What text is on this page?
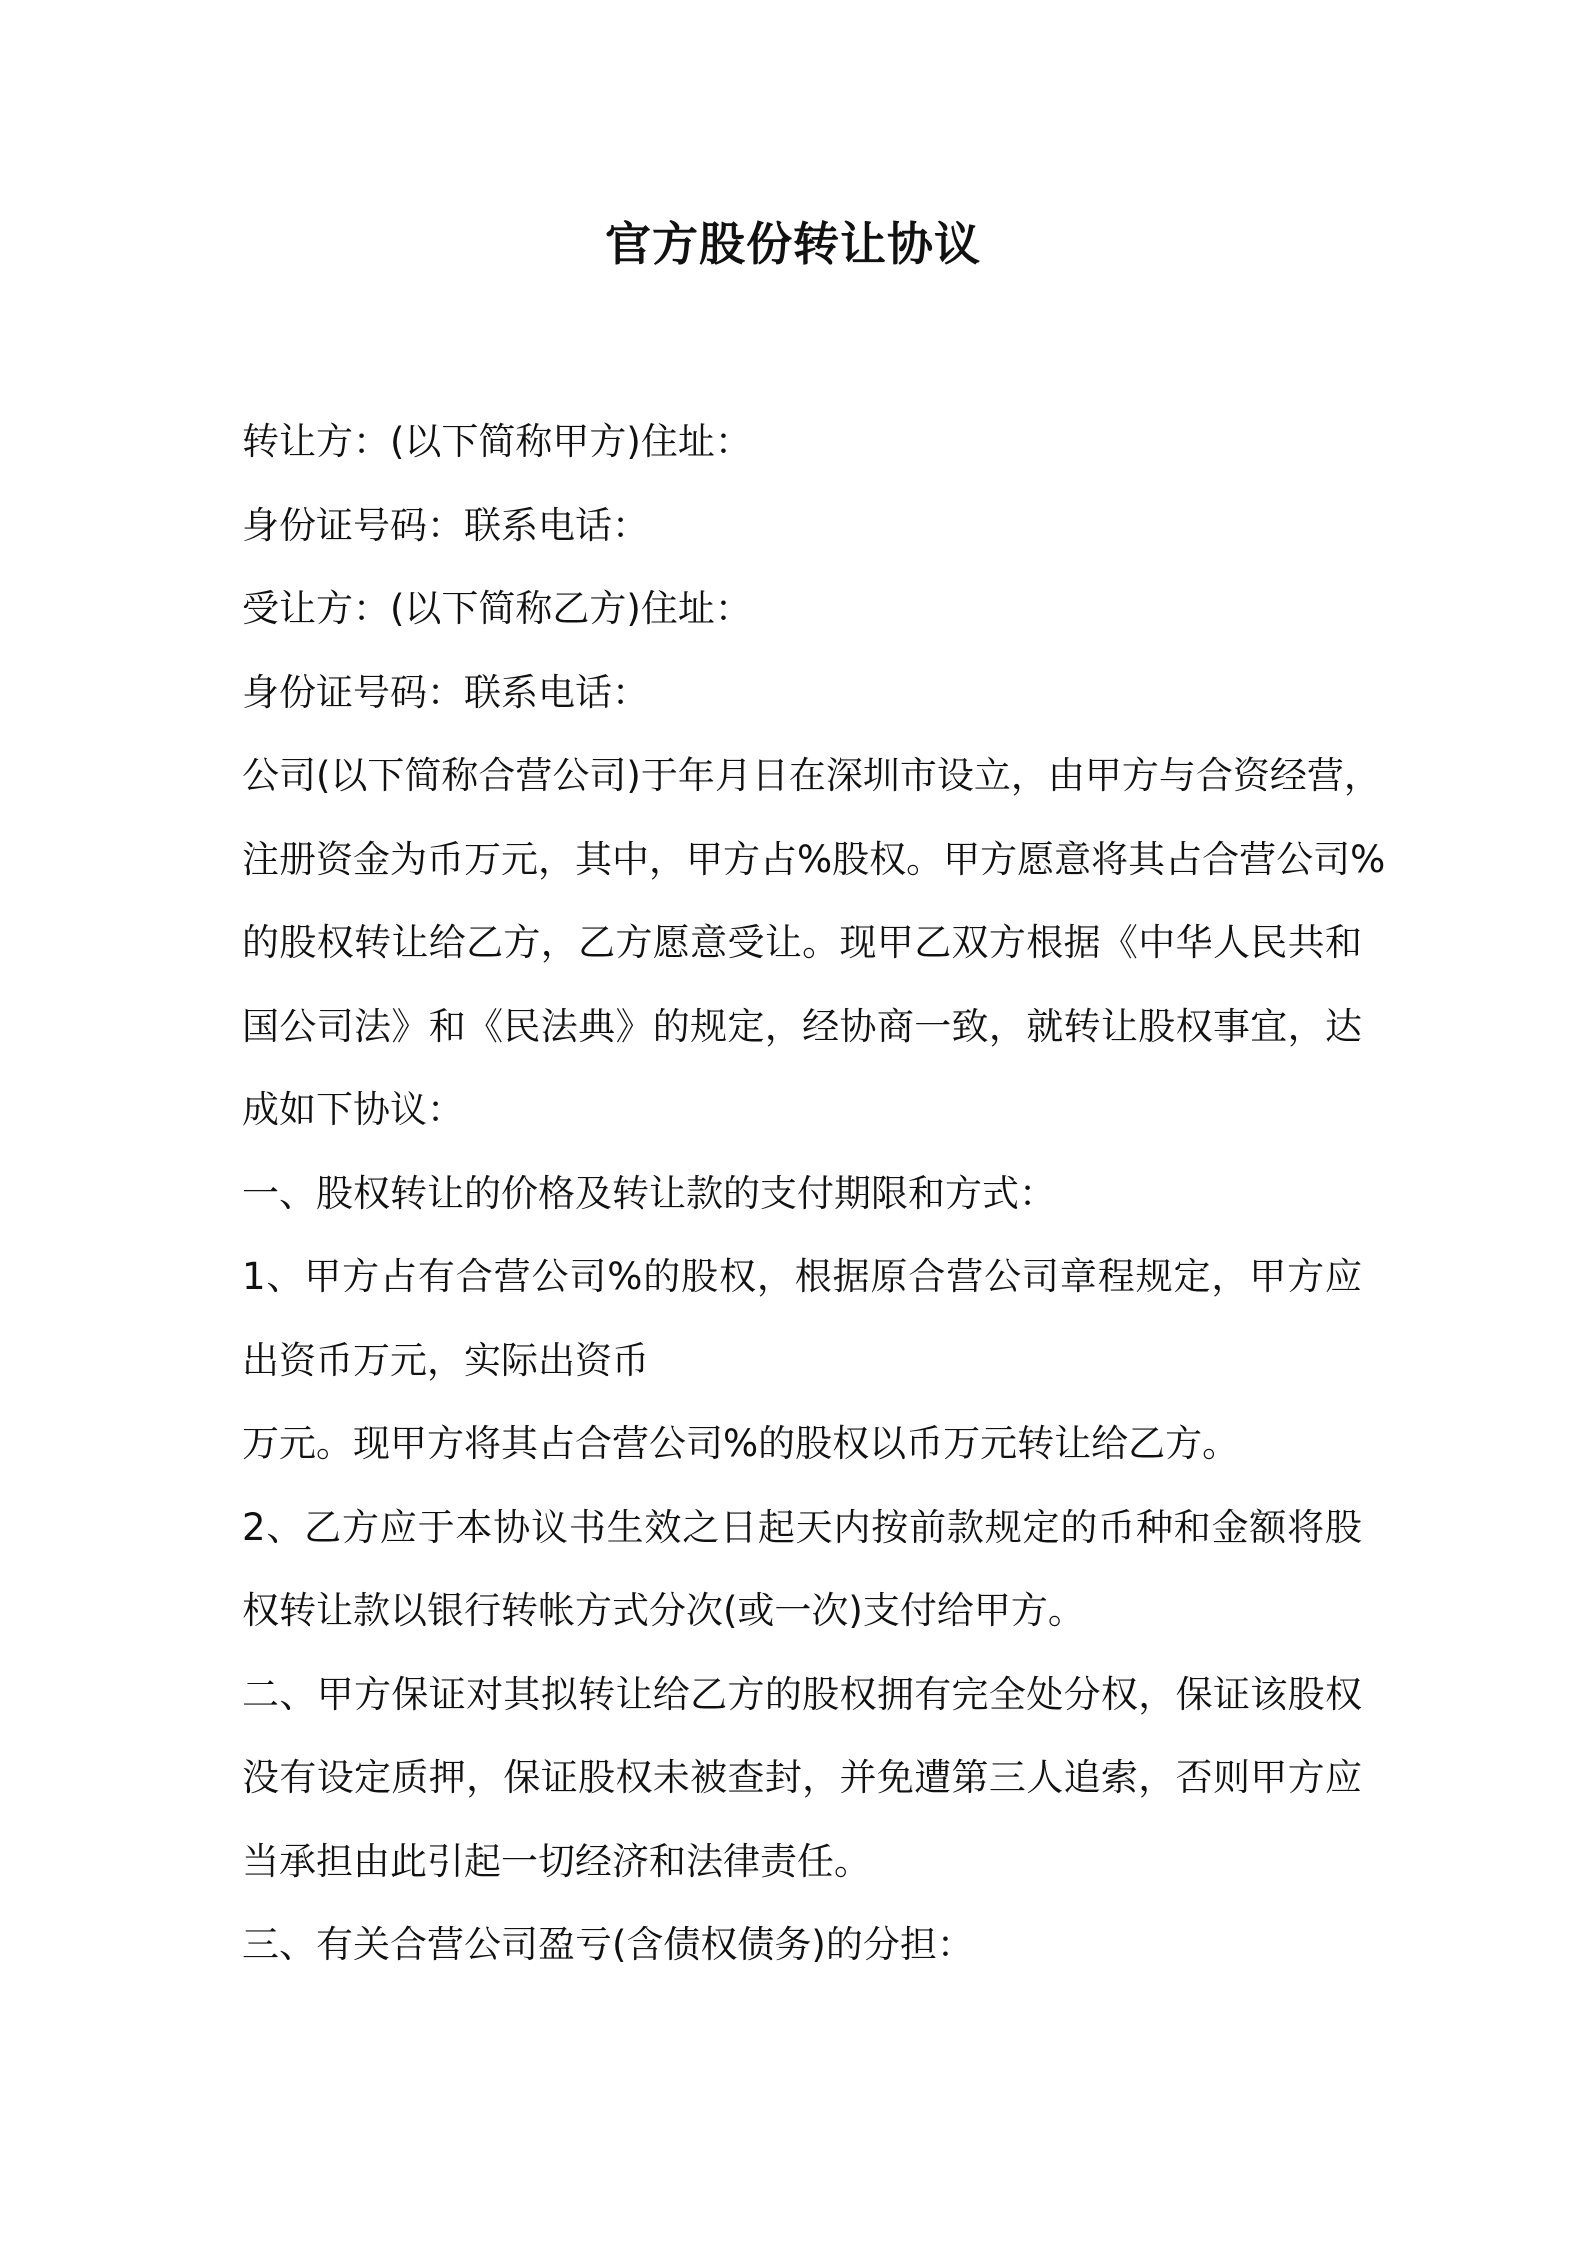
官方股份转让协议
转让方：(以下简称甲方)住址：
身份证号码：联系电话：
受让方：(以下简称乙方)住址：
身份证号码：联系电话：
公司(以下简称合营公司)于年月日在深圳市设立，由甲方与合资经营，
注册资金为币万元，其中，甲方占%股权。甲方愿意将其占合营公司%
的股权转让给乙方，乙方愿意受让。现甲乙双方根据《中华人民共和
国公司法》和《民法典》的规定，经协商一致，就转让股权事宜，达
成如下协议：
一、股权转让的价格及转让款的支付期限和方式：
1、甲方占有合营公司%的股权，根据原合营公司章程规定，甲方应
出资币万元，实际出资币
万元。现甲方将其占合营公司%的股权以币万元转让给乙方。
2、乙方应于本协议书生效之日起天内按前款规定的币种和金额将股
权转让款以银行转帐方式分次(或一次)支付给甲方。
二、甲方保证对其拟转让给乙方的股权拥有完全处分权，保证该股权
没有设定质押，保证股权未被查封，并免遭第三人追索，否则甲方应
当承担由此引起一切经济和法律责任。
三、有关合营公司盈亏(含债权债务)的分担：
